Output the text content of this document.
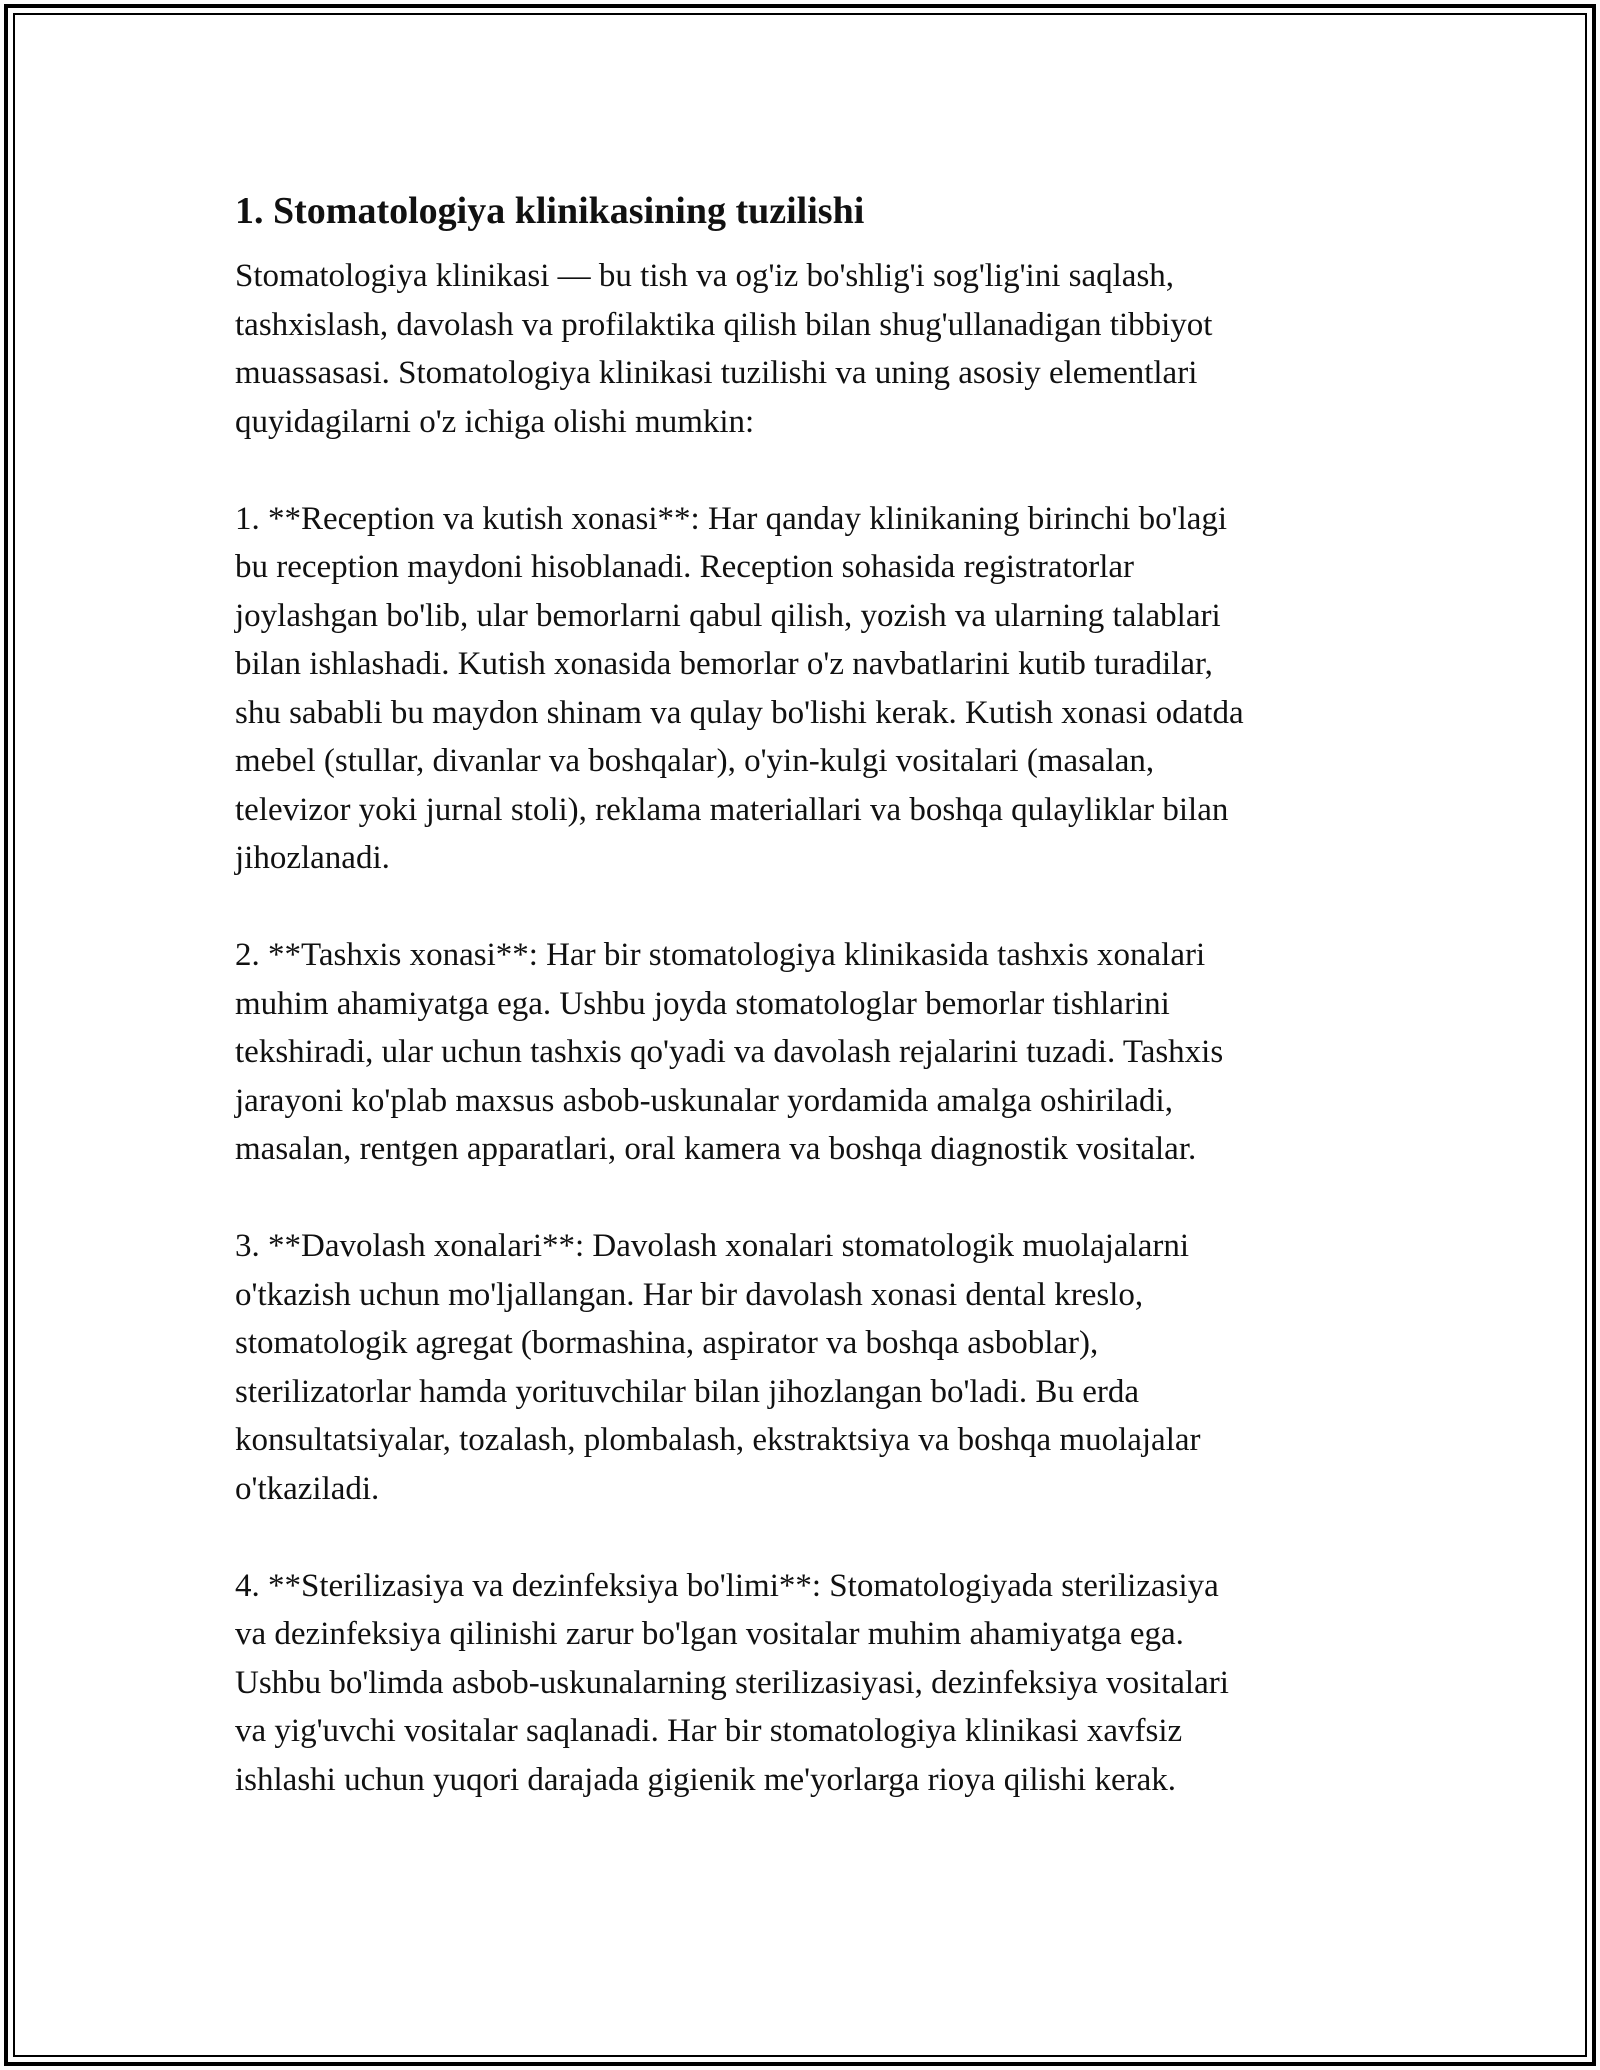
1. Stomatologiya klinikasining tuzilishi

Stomatologiya klinikasi — bu tish va og'iz bo'shlig'i sog'lig'ini saqlash,
tashxislash, davolash va profilaktika qilish bilan shug'ullanadigan tibbiyot
muassasasi. Stomatologiya klinikasi tuzilishi va uning asosiy elementlari
quyidagilarni o'z ichiga olishi mumkin:

1. **Reception va kutish xonasi**: Har qanday klinikaning birinchi bo'lagi
bu reception maydoni hisoblanadi. Reception sohasida registratorlar
joylashgan bo'lib, ular bemorlarni qabul qilish, yozish va ularning talablari
bilan ishlashadi. Kutish xonasida bemorlar o'z navbatlarini kutib turadilar,
shu sababli bu maydon shinam va qulay bo'lishi kerak. Kutish xonasi odatda
mebel (stullar, divanlar va boshqalar), o'yin-kulgi vositalari (masalan,
televizor yoki jurnal stoli), reklama materiallari va boshqa qulayliklar bilan
jihozlanadi.

2. **Tashxis xonasi**: Har bir stomatologiya klinikasida tashxis xonalari
muhim ahamiyatga ega. Ushbu joyda stomatologlar bemorlar tishlarini
tekshiradi, ular uchun tashxis qo'yadi va davolash rejalarini tuzadi. Tashxis
jarayoni ko'plab maxsus asbob-uskunalar yordamida amalga oshiriladi,
masalan, rentgen apparatlari, oral kamera va boshqa diagnostik vositalar.

3. **Davolash xonalari**: Davolash xonalari stomatologik muolajalarni
o'tkazish uchun mo'ljallangan. Har bir davolash xonasi dental kreslo,
stomatologik agregat (bormashina, aspirator va boshqa asboblar),
sterilizatorlar hamda yorituvchilar bilan jihozlangan bo'ladi. Bu erda
konsultatsiyalar, tozalash, plombalash, ekstraktsiya va boshqa muolajalar
o'tkaziladi.

4. **Sterilizasiya va dezinfeksiya bo'limi**: Stomatologiyada sterilizasiya
va dezinfeksiya qilinishi zarur bo'lgan vositalar muhim ahamiyatga ega.
Ushbu bo'limda asbob-uskunalarning sterilizasiyasi, dezinfeksiya vositalari
va yig'uvchi vositalar saqlanadi. Har bir stomatologiya klinikasi xavfsiz
ishlashi uchun yuqori darajada gigienik me'yorlarga rioya qilishi kerak.
